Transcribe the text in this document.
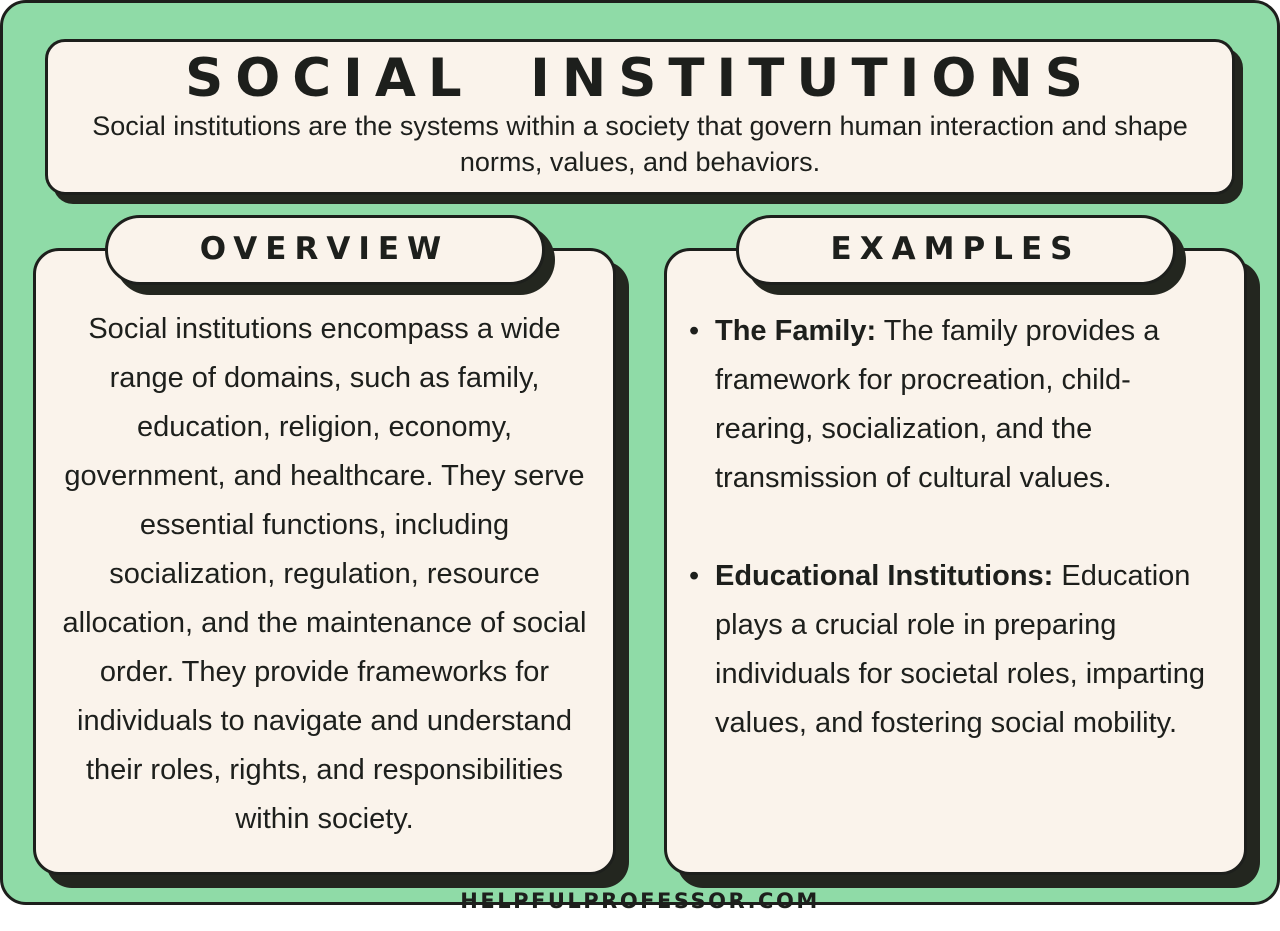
SOCIAL INSTITUTIONS

Social institutions are the systems within a society that govern human interaction and shape norms, values, and behaviors.

OVERVIEW

Social institutions encompass a wide range of domains, such as family, education, religion, economy, government, and healthcare. They serve essential functions, including socialization, regulation, resource allocation, and the maintenance of social order. They provide frameworks for individuals to navigate and understand their roles, rights, and responsibilities within society.

EXAMPLES
• The Family: The family provides a framework for procreation, child-rearing, socialization, and the transmission of cultural values.

• Educational Institutions: Education plays a crucial role in preparing individuals for societal roles, imparting values, and fostering social mobility.

HELPFULPROFESSOR.COM
